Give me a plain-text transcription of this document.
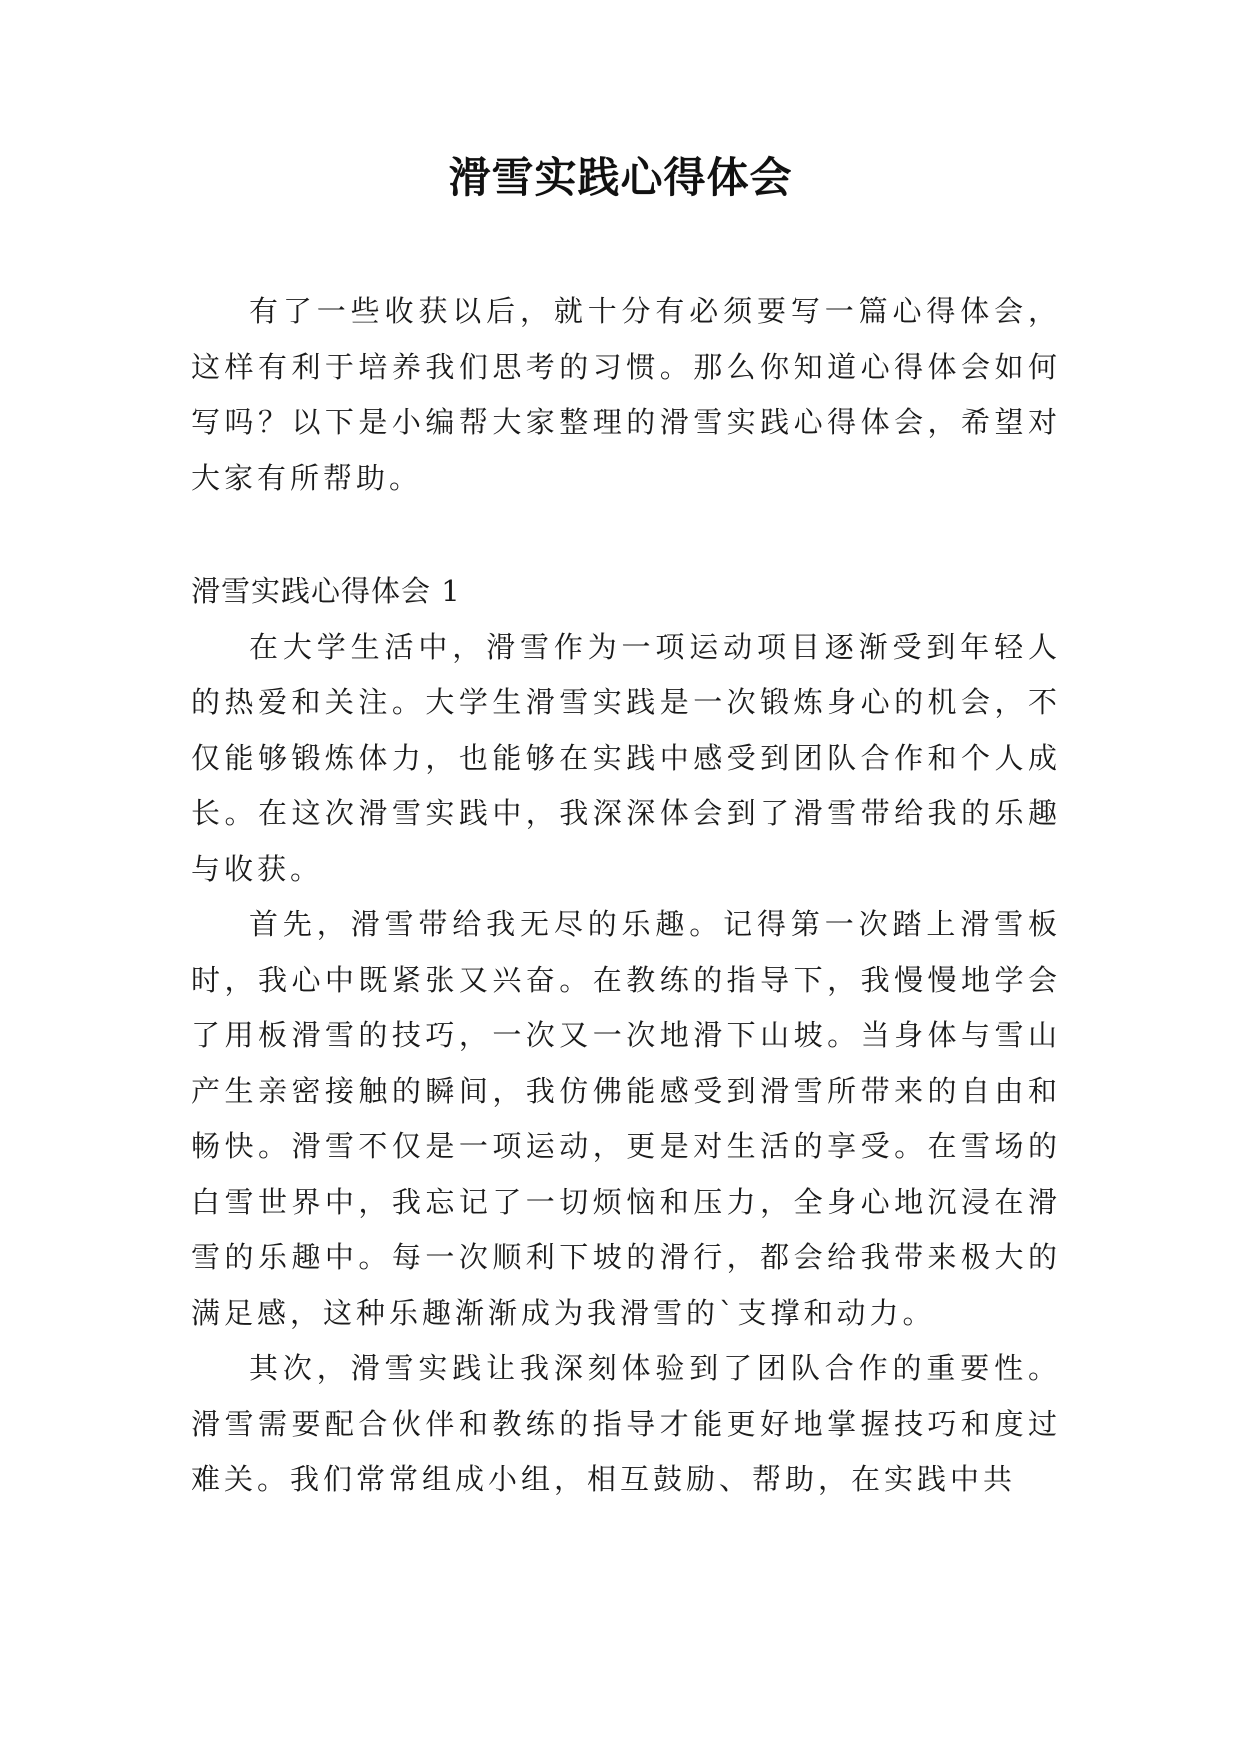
滑雪实践心得体会

有了一些收获以后，就十分有必须要写一篇心得体会，这样有利于培养我们思考的习惯。那么你知道心得体会如何写吗？以下是小编帮大家整理的滑雪实践心得体会，希望对大家有所帮助。

滑雪实践心得体会 1

在大学生活中，滑雪作为一项运动项目逐渐受到年轻人的热爱和关注。大学生滑雪实践是一次锻炼身心的机会，不仅能够锻炼体力，也能够在实践中感受到团队合作和个人成长。在这次滑雪实践中，我深深体会到了滑雪带给我的乐趣与收获。

首先，滑雪带给我无尽的乐趣。记得第一次踏上滑雪板时，我心中既紧张又兴奋。在教练的指导下，我慢慢地学会了用板滑雪的技巧，一次又一次地滑下山坡。当身体与雪山产生亲密接触的瞬间，我仿佛能感受到滑雪所带来的自由和畅快。滑雪不仅是一项运动，更是对生活的享受。在雪场的白雪世界中，我忘记了一切烦恼和压力，全身心地沉浸在滑雪的乐趣中。每一次顺利下坡的滑行，都会给我带来极大的满足感，这种乐趣渐渐成为我滑雪的`支撑和动力。

其次，滑雪实践让我深刻体验到了团队合作的重要性。滑雪需要配合伙伴和教练的指导才能更好地掌握技巧和度过难关。我们常常组成小组，相互鼓励、帮助，在实践中共
